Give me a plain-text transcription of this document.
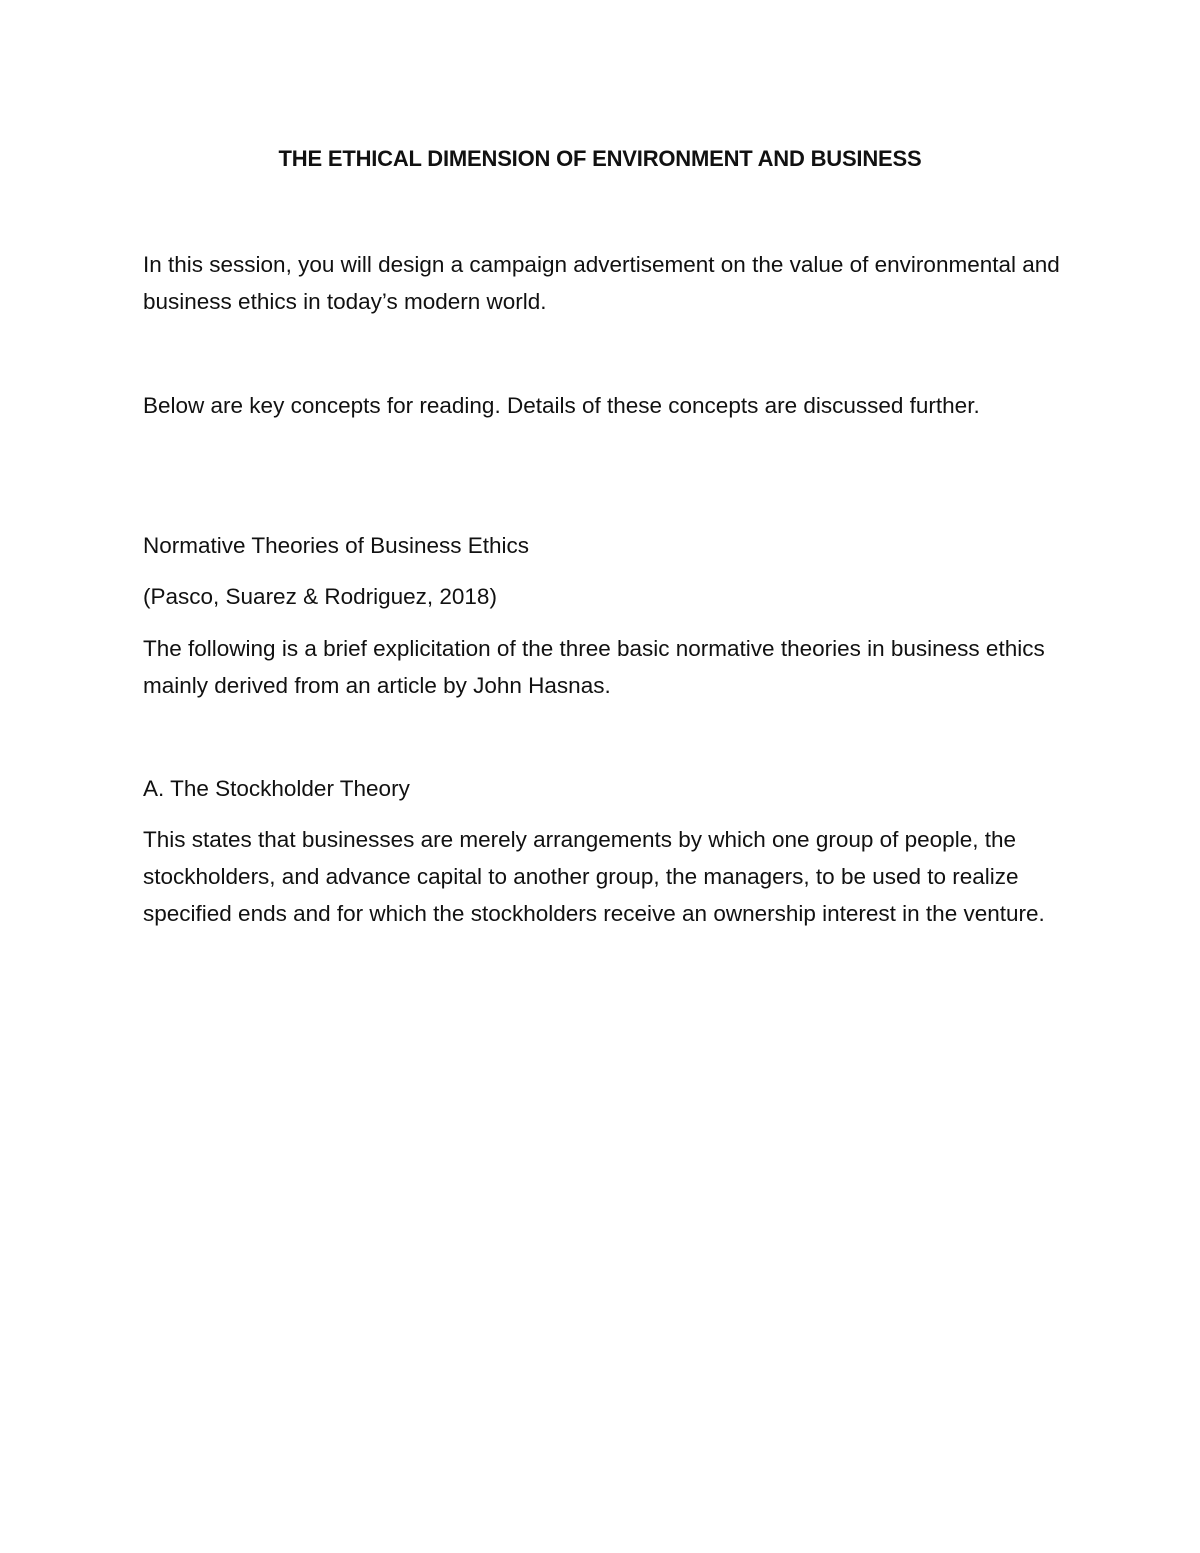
THE ETHICAL DIMENSION OF ENVIRONMENT AND BUSINESS

In this session, you will design a campaign advertisement on the value of environmental and business ethics in today’s modern world.

Below are key concepts for reading. Details of these concepts are discussed further.

Normative Theories of Business Ethics

(Pasco, Suarez & Rodriguez, 2018)

The following is a brief explicitation of the three basic normative theories in business ethics mainly derived from an article by John Hasnas.

A. The Stockholder Theory

This states that businesses are merely arrangements by which one group of people, the stockholders, and advance capital to another group, the managers, to be used to realize specified ends and for which the stockholders receive an ownership interest in the venture.
